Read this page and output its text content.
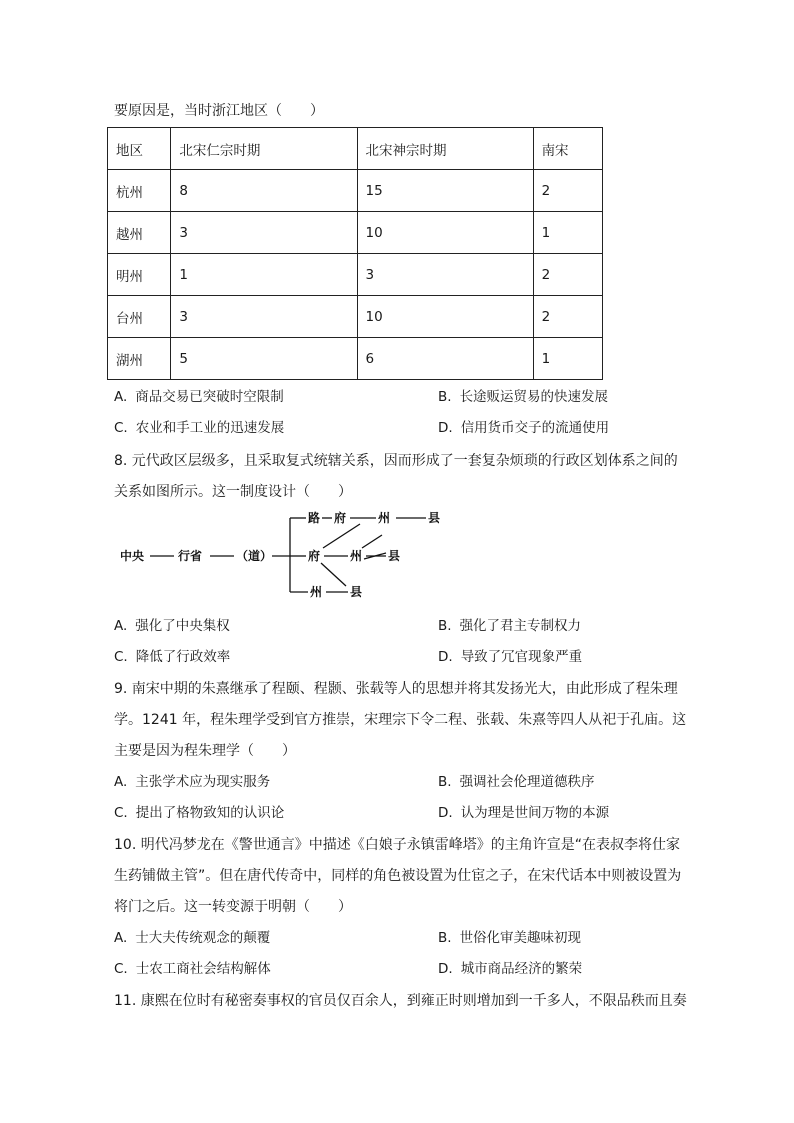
要原因是，当时浙江地区（　　）
地区	北宋仁宗时期	北宋神宗时期	南宋
杭州	8	15	2
越州	3	10	1
明州	1	3	2
台州	3	10	2
湖州	5	6	1
A. 商品交易已突破时空限制	B. 长途贩运贸易的快速发展
C. 农业和手工业的迅速发展	D. 信用货币交子的流通使用
8. 元代政区层级多，且采取复式统辖关系，因而形成了一套复杂烦琐的行政区划体系之间的
关系如图所示。这一制度设计（　　）
中央	行省	（道）
路 府	州	县
府 州 县
州 县
A. 强化了中央集权	B. 强化了君主专制权力
C. 降低了行政效率	D. 导致了冗官现象严重
9. 南宋中期的朱熹继承了程颐、程颢、张载等人的思想并将其发扬光大，由此形成了程朱理
学。1241 年，程朱理学受到官方推崇，宋理宗下令二程、张载、朱熹等四人从祀于孔庙。这
主要是因为程朱理学（　　）
A. 主张学术应为现实服务	B. 强调社会伦理道德秩序
C. 提出了格物致知的认识论	D. 认为理是世间万物的本源
10. 明代冯梦龙在《警世通言》中描述《白娘子永镇雷峰塔》的主角许宣是“在表叔李将仕家
生药铺做主管”。但在唐代传奇中，同样的角色被设置为仕宦之子，在宋代话本中则被设置为
将门之后。这一转变源于明朝（　　）
A. 士大夫传统观念的颠覆	B. 世俗化审美趣味初现
C. 士农工商社会结构解体	D. 城市商品经济的繁荣
11. 康熙在位时有秘密奏事权的官员仅百余人，到雍正时则增加到一千多人，不限品秩而且奏
